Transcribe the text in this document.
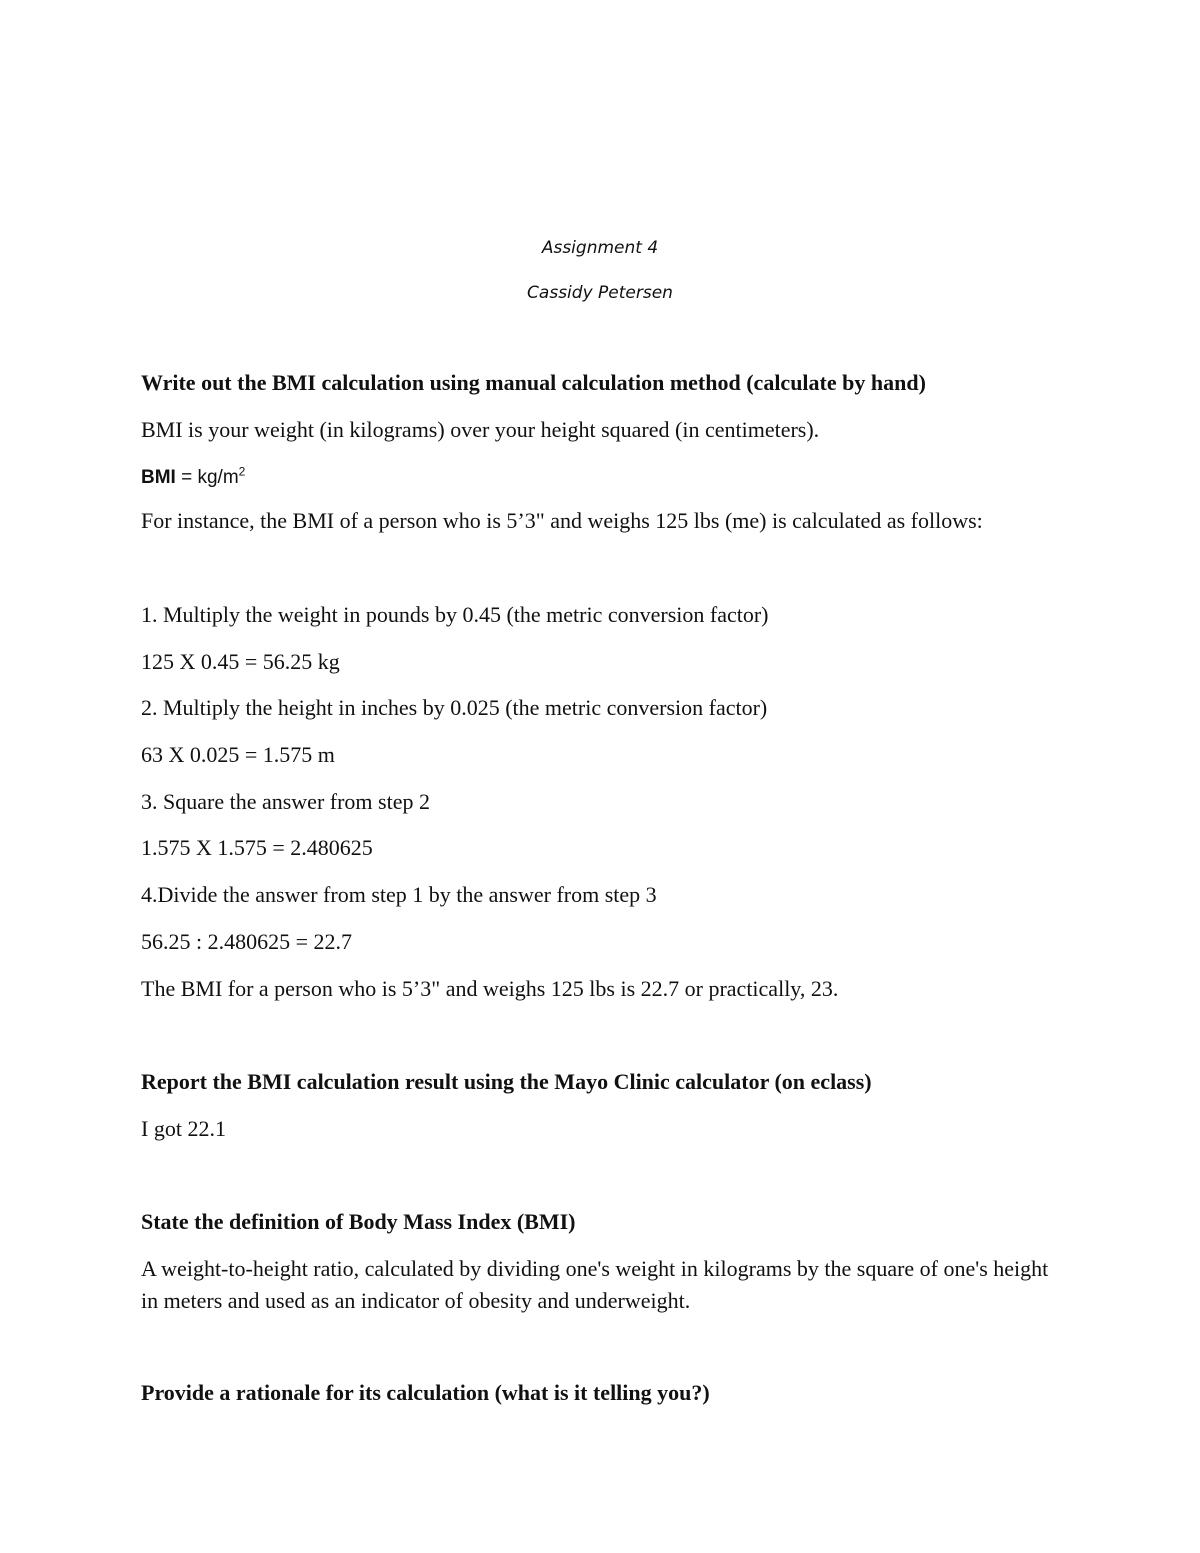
Assignment 4

Cassidy Petersen

Write out the BMI calculation using manual calculation method (calculate by hand)

BMI is your weight (in kilograms) over your height squared (in centimeters).

BMI = $kg/m^2$

For instance, the BMI of a person who is 5’3" and weighs 125 lbs (me) is calculated as follows:

1. Multiply the weight in pounds by 0.45 (the metric conversion factor)

125 X 0.45 = 56.25 kg

2. Multiply the height in inches by 0.025 (the metric conversion factor)

63 X 0.025 = 1.575 m

3. Square the answer from step 2

1.575 X 1.575 = 2.480625

4.Divide the answer from step 1 by the answer from step 3

56.25 : 2.480625 = 22.7

The BMI for a person who is 5’3" and weighs 125 lbs is 22.7 or practically, 23.

Report the BMI calculation result using the Mayo Clinic calculator (on eclass)

I got 22.1

State the definition of Body Mass Index (BMI)

A weight-to-height ratio, calculated by dividing one's weight in kilograms by the square of one's height in meters and used as an indicator of obesity and underweight.

Provide a rationale for its calculation (what is it telling you?)
